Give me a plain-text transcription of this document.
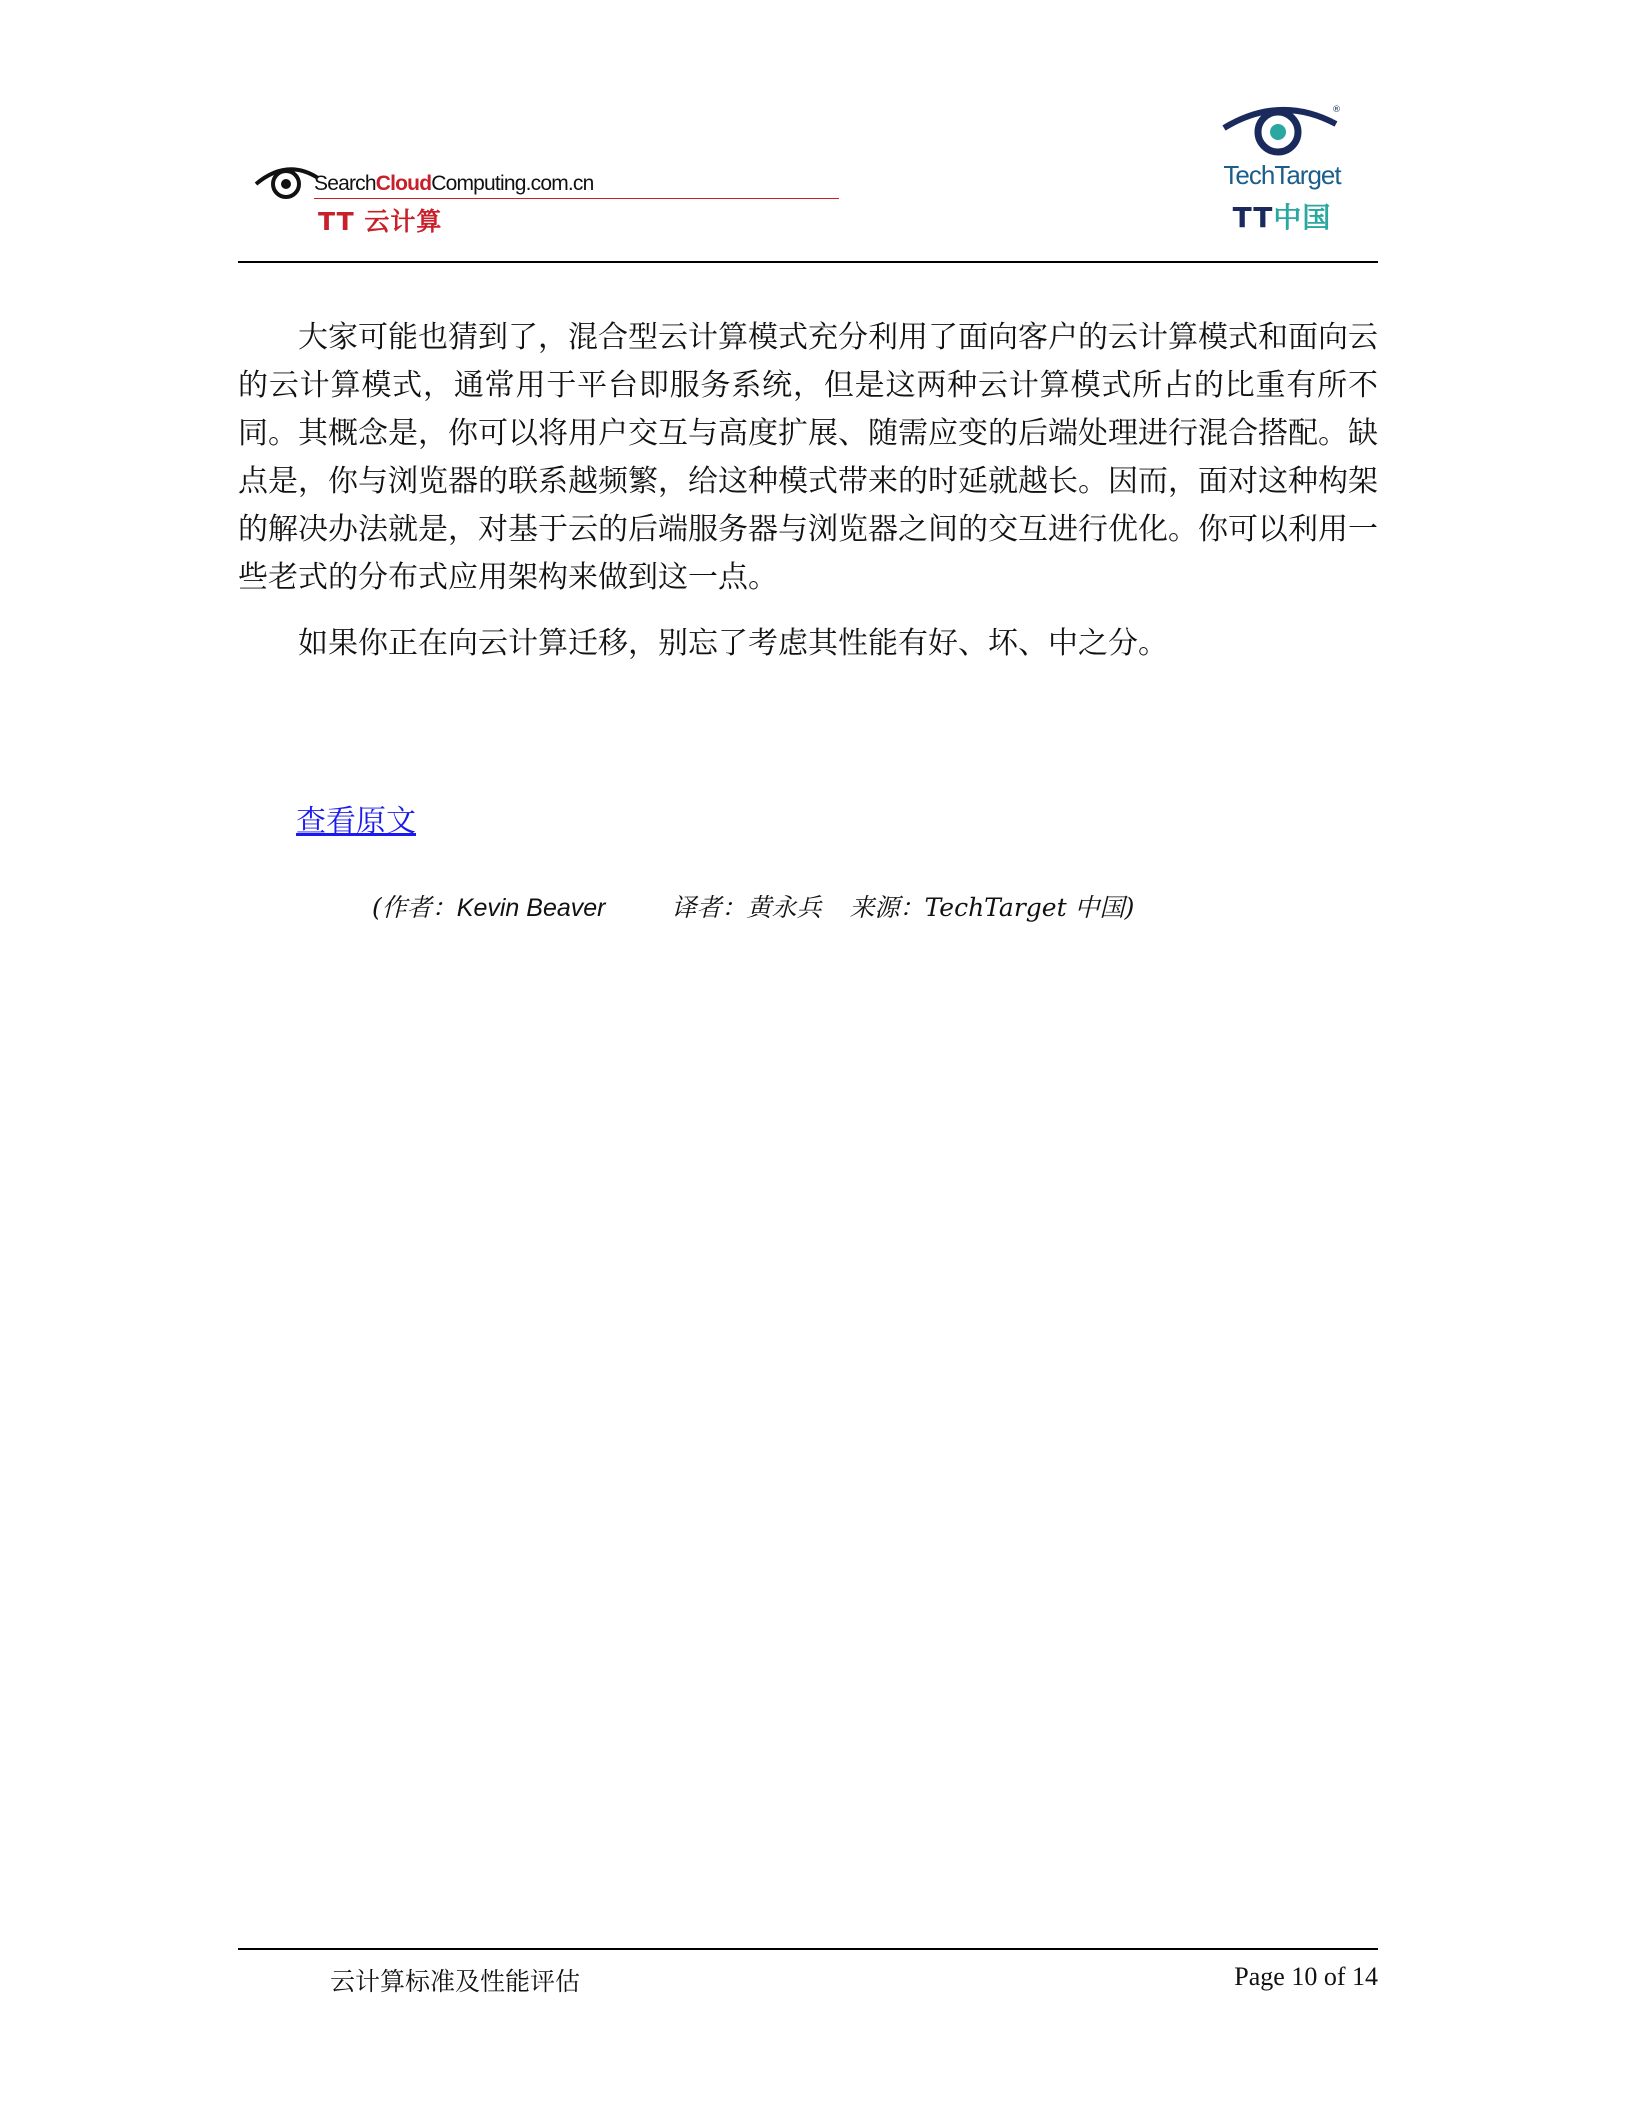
SearchCloudComputing.com.cn
TT 云计算
®
TechTarget
TT中国

大家可能也猜到了，混合型云计算模式充分利用了面向客户的云计算模式和面向云的云计算模式，通常用于平台即服务系统，但是这两种云计算模式所占的比重有所不同。其概念是，你可以将用户交互与高度扩展、随需应变的后端处理进行混合搭配。缺点是，你与浏览器的联系越频繁，给这种模式带来的时延就越长。因而，面对这种构架的解决办法就是，对基于云的后端服务器与浏览器之间的交互进行优化。你可以利用一些老式的分布式应用架构来做到这一点。

如果你正在向云计算迁移，别忘了考虑其性能有好、坏、中之分。

查看原文
(作者：Kevin Beaver	译者：黄永兵 来源：TechTarget 中国)
云计算标准及性能评估	Page 10 of 14
